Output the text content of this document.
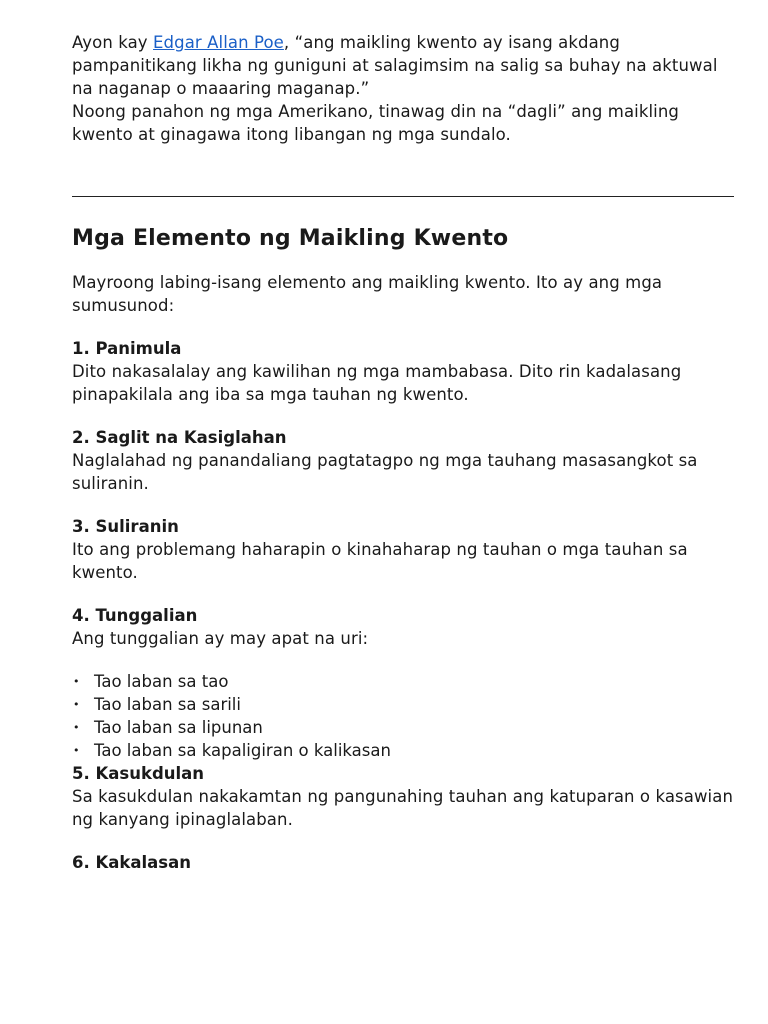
Ayon kay Edgar Allan Poe, “ang maikling kwento ay isang akdang pampanitikang likha ng guniguni at salagimsim na salig sa buhay na aktuwal na naganap o maaaring maganap.”

Noong panahon ng mga Amerikano, tinawag din na “dagli” ang maikling kwento at ginagawa itong libangan ng mga sundalo.

Mga Elemento ng Maikling Kwento

Mayroong labing-isang elemento ang maikling kwento. Ito ay ang mga sumusunod:

1. Panimula

Dito nakasalalay ang kawilihan ng mga mambabasa. Dito rin kadalasang pinapakilala ang iba sa mga tauhan ng kwento.

2. Saglit na Kasiglahan

Naglalahad ng panandaliang pagtatagpo ng mga tauhang masasangkot sa suliranin.

3. Suliranin

Ito ang problemang haharapin o kinahaharap ng tauhan o mga tauhan sa kwento.

4. Tunggalian

Ang tunggalian ay may apat na uri:

• Tao laban sa tao
• Tao laban sa sarili
• Tao laban sa lipunan
• Tao laban sa kapaligiran o kalikasan
5. Kasukdulan

Sa kasukdulan nakakamtan ng pangunahing tauhan ang katuparan o kasawian ng kanyang ipinaglalaban.

6. Kakalasan
